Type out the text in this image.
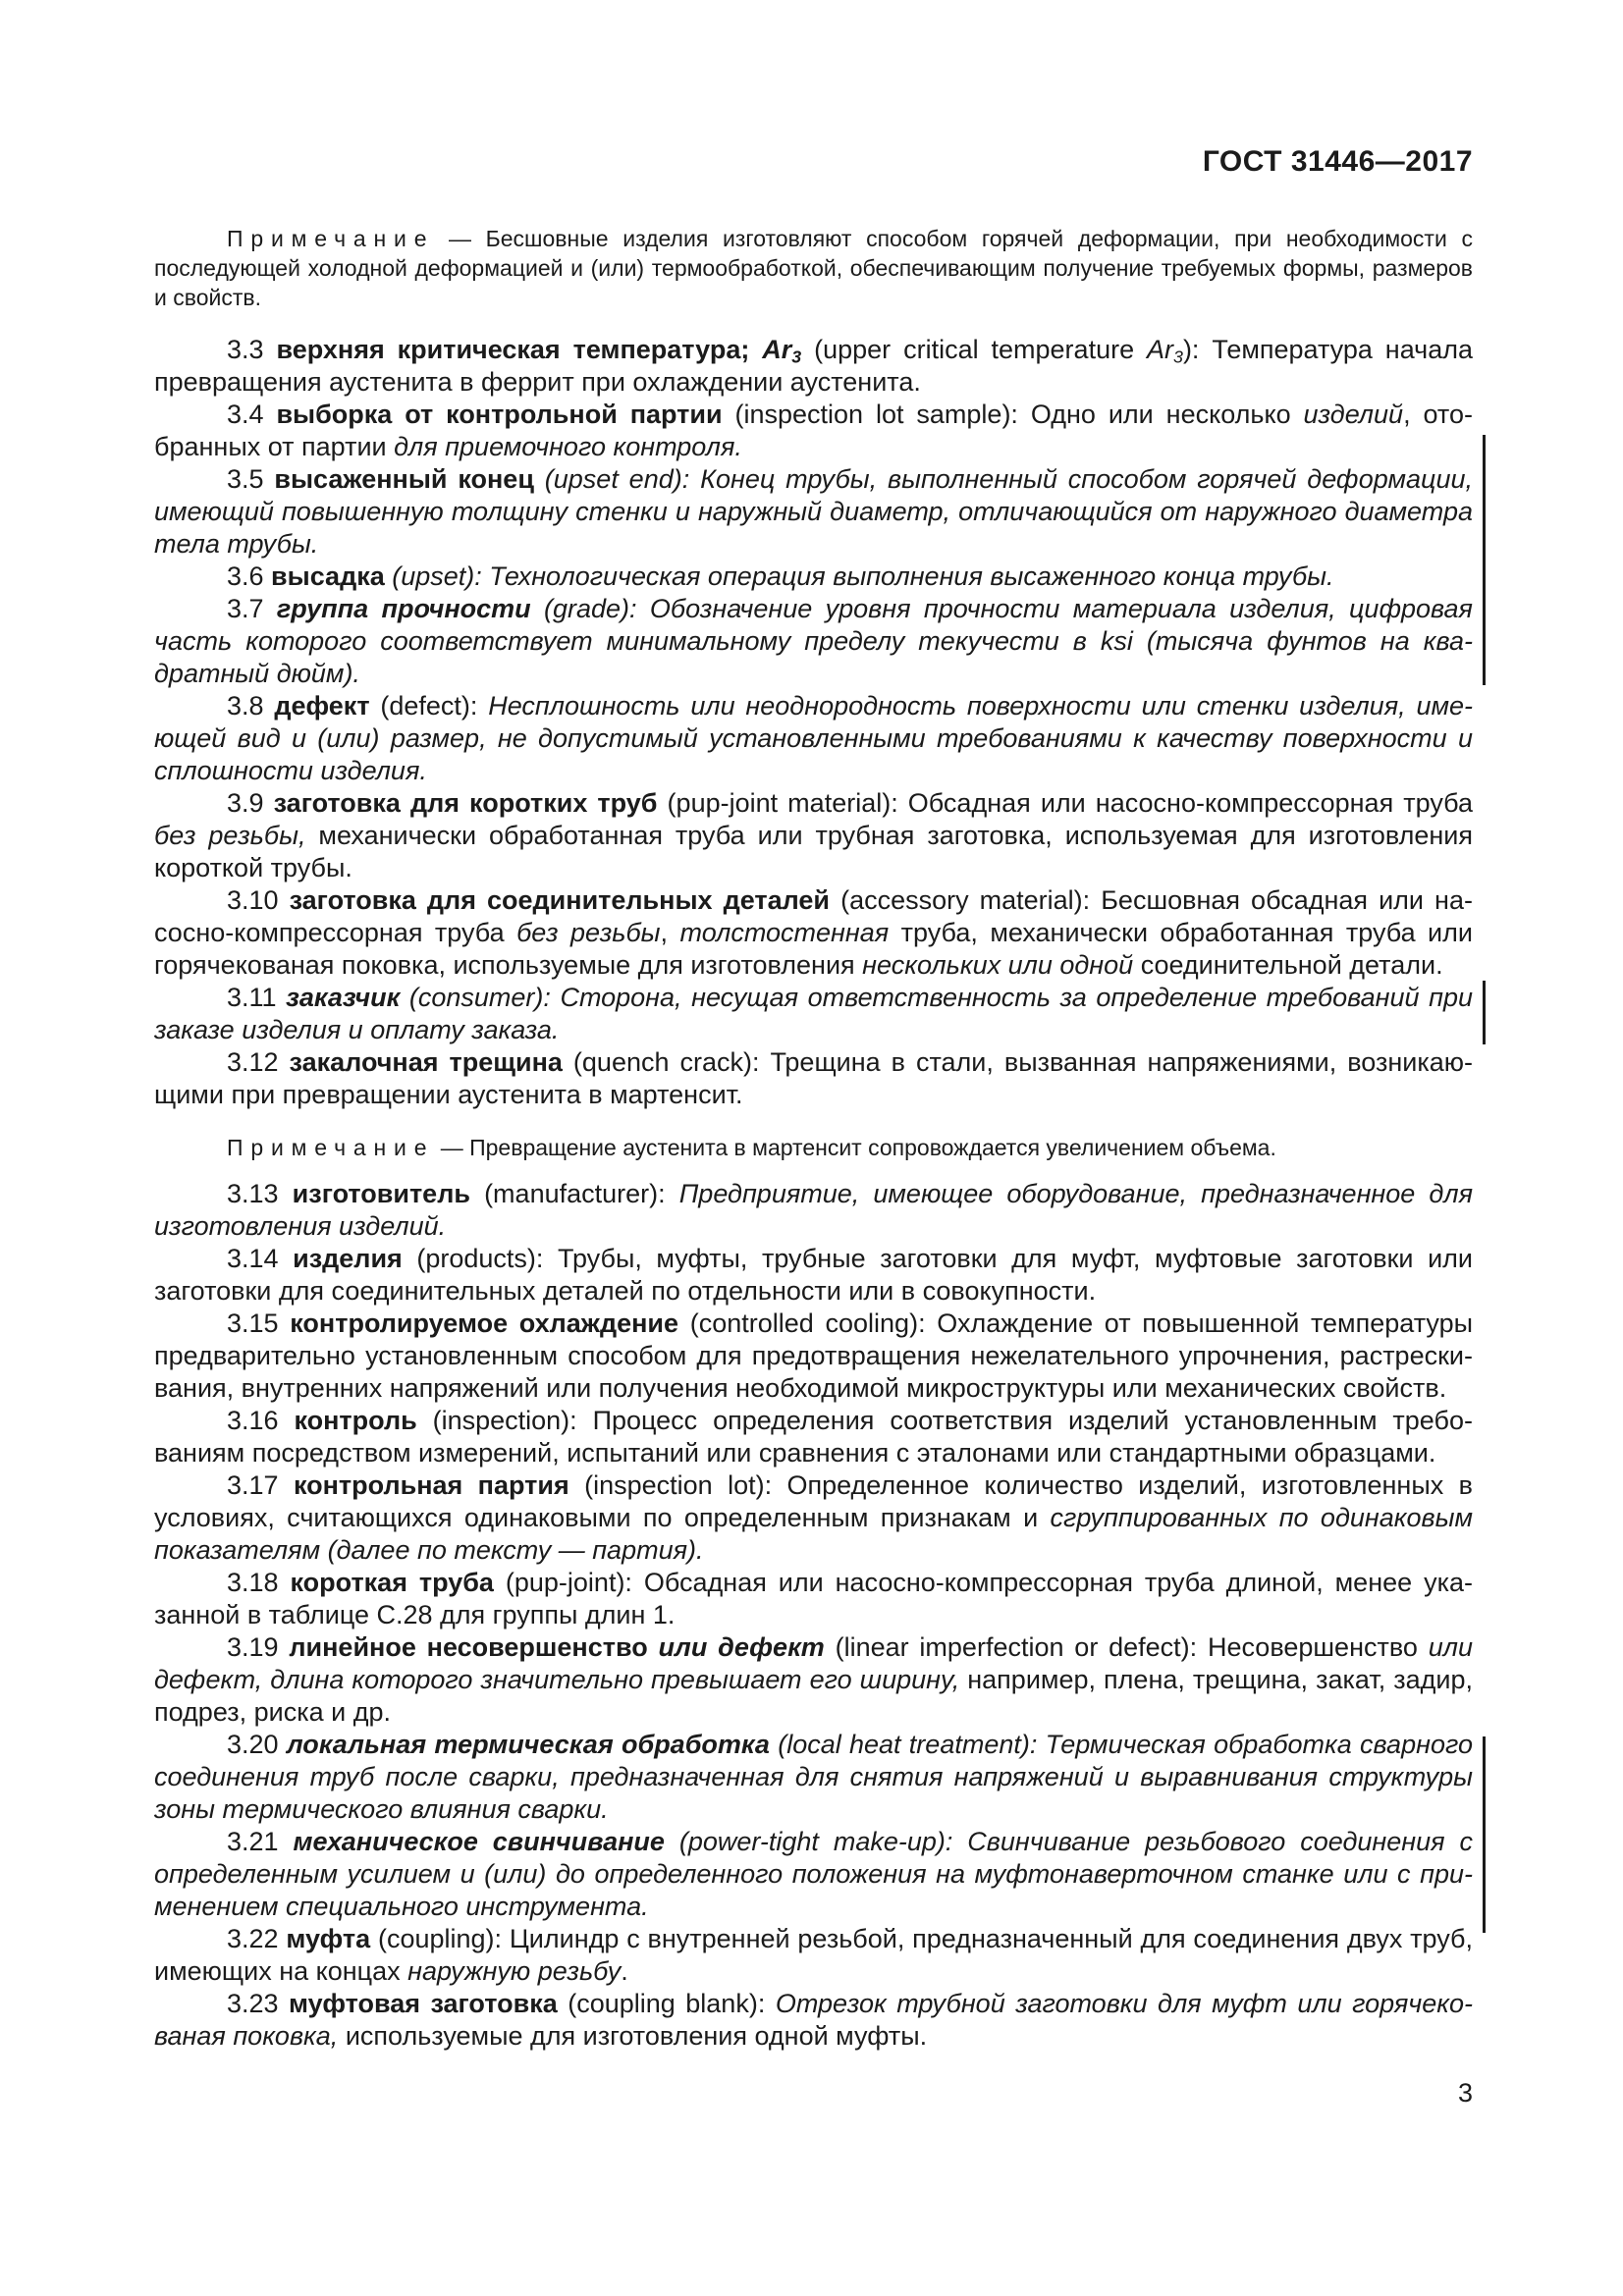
ГОСТ 31446—2017

Примечание — Бесшовные изделия изготовляют способом горячей деформации, при необходимости с последующей холодной деформацией и (или) термообработкой, обеспечивающим получение требуемых формы, размеров и свойств.

3.3 верхняя критическая температура; $Ar_3$ (upper critical temperature $Ar_3$): Температура начала превращения аустенита в феррит при охлаждении аустенита.

3.4 выборка от контрольной партии (inspection lot sample): Одно или несколько изделий, отобранных от партии для приемочного контроля.

3.5 высаженный конец (upset end): Конец трубы, выполненный способом горячей деформации, имеющий повышенную толщину стенки и наружный диаметр, отличающийся от наружного диаметра тела трубы.

3.6 высадка (upset): Технологическая операция выполнения высаженного конца трубы.

3.7 группа прочности (grade): Обозначение уровня прочности материала изделия, цифровая часть которого соответствует минимальному пределу текучести в ksi (тысяча фунтов на квадратный дюйм).

3.8 дефект (defect): Несплошность или неоднородность поверхности или стенки изделия, имеющей вид и (или) размер, не допустимый установленными требованиями к качеству поверхности и сплошности изделия.

3.9 заготовка для коротких труб (pup-joint material): Обсадная или насосно-компрессорная труба без резьбы, механически обработанная труба или трубная заготовка, используемая для изготовления короткой трубы.

3.10 заготовка для соединительных деталей (accessory material): Бесшовная обсадная или насосно-компрессорная труба без резьбы, толстостенная труба, механически обработанная труба или горячекованая поковка, используемые для изготовления нескольких или одной соединительной детали.

3.11 заказчик (consumer): Сторона, несущая ответственность за определение требований при заказе изделия и оплату заказа.

3.12 закалочная трещина (quench crack): Трещина в стали, вызванная напряжениями, возникающими при превращении аустенита в мартенсит.

Примечание — Превращение аустенита в мартенсит сопровождается увеличением объема.

3.13 изготовитель (manufacturer): Предприятие, имеющее оборудование, предназначенное для изготовления изделий.

3.14 изделия (products): Трубы, муфты, трубные заготовки для муфт, муфтовые заготовки или заготовки для соединительных деталей по отдельности или в совокупности.

3.15 контролируемое охлаждение (controlled cooling): Охлаждение от повышенной температуры предварительно установленным способом для предотвращения нежелательного упрочнения, растрескивания, внутренних напряжений или получения необходимой микроструктуры или механических свойств.

3.16 контроль (inspection): Процесс определения соответствия изделий установленным требованиям посредством измерений, испытаний или сравнения с эталонами или стандартными образцами.

3.17 контрольная партия (inspection lot): Определенное количество изделий, изготовленных в условиях, считающихся одинаковыми по определенным признакам и сгруппированных по одинаковым показателям (далее по тексту — партия).

3.18 короткая труба (pup-joint): Обсадная или насосно-компрессорная труба длиной, менее указанной в таблице С.28 для группы длин 1.

3.19 линейное несовершенство или дефект (linear imperfection or defect): Несовершенство или дефект, длина которого значительно превышает его ширину, например, плена, трещина, закат, задир, подрез, риска и др.

3.20 локальная термическая обработка (local heat treatment): Термическая обработка сварного соединения труб после сварки, предназначенная для снятия напряжений и выравнивания структуры зоны термического влияния сварки.

3.21 механическое свинчивание (power-tight make-up): Свинчивание резьбового соединения с определенным усилием и (или) до определенного положения на муфтонаверточном станке или с применением специального инструмента.

3.22 муфта (coupling): Цилиндр с внутренней резьбой, предназначенный для соединения двух труб, имеющих на концах наружную резьбу.

3.23 муфтовая заготовка (coupling blank): Отрезок трубной заготовки для муфт или горячекованая поковка, используемые для изготовления одной муфты.

3
